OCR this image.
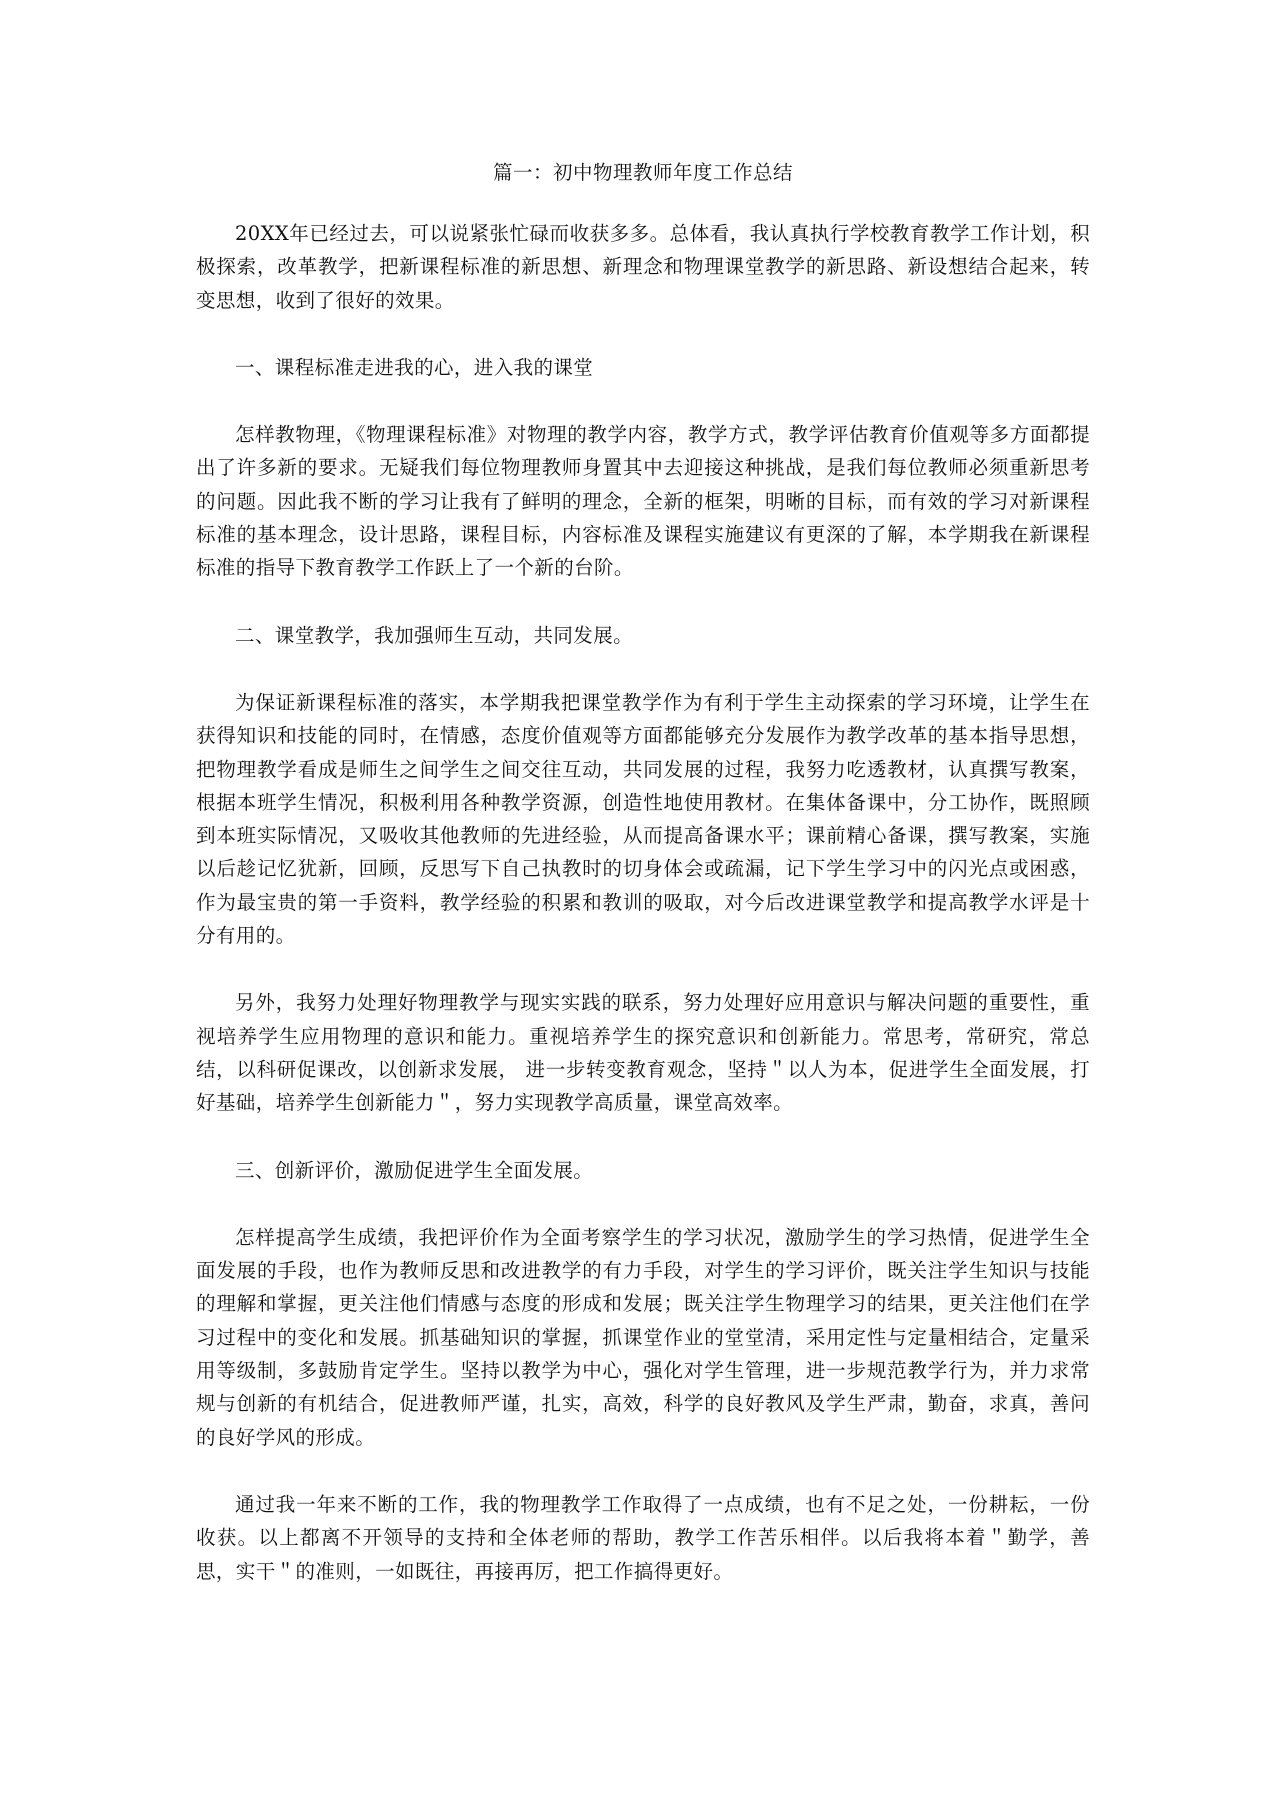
篇一：初中物理教师年度工作总结

20XX年已经过去，可以说紧张忙碌而收获多多。总体看，我认真执行学校教育教学工作计划，积极探索，改革教学，把新课程标准的新思想、新理念和物理课堂教学的新思路、新设想结合起来，转变思想，收到了很好的效果。

一、课程标准走进我的心，进入我的课堂

怎样教物理，《物理课程标准》对物理的教学内容，教学方式，教学评估教育价值观等多方面都提出了许多新的要求。无疑我们每位物理教师身置其中去迎接这种挑战，是我们每位教师必须重新思考的问题。因此我不断的学习让我有了鲜明的理念，全新的框架，明晰的目标，而有效的学习对新课程标准的基本理念，设计思路，课程目标，内容标准及课程实施建议有更深的了解，本学期我在新课程标准的指导下教育教学工作跃上了一个新的台阶。

二、课堂教学，我加强师生互动，共同发展。

为保证新课程标准的落实，本学期我把课堂教学作为有利于学生主动探索的学习环境，让学生在获得知识和技能的同时，在情感，态度价值观等方面都能够充分发展作为教学改革的基本指导思想，把物理教学看成是师生之间学生之间交往互动，共同发展的过程，我努力吃透教材，认真撰写教案，根据本班学生情况，积极利用各种教学资源，创造性地使用教材。在集体备课中，分工协作，既照顾到本班实际情况，又吸收其他教师的先进经验，从而提高备课水平；课前精心备课，撰写教案，实施以后趁记忆犹新，回顾，反思写下自己执教时的切身体会或疏漏，记下学生学习中的闪光点或困惑，作为最宝贵的第一手资料，教学经验的积累和教训的吸取，对今后改进课堂教学和提高教学水评是十分有用的。

另外，我努力处理好物理教学与现实实践的联系，努力处理好应用意识与解决问题的重要性，重视培养学生应用物理的意识和能力。重视培养学生的探究意识和创新能力。常思考，常研究，常总结，以科研促课改，以创新求发展， 进一步转变教育观念，坚持＂以人为本，促进学生全面发展，打好基础，培养学生创新能力＂，努力实现教学高质量，课堂高效率。

三、创新评价，激励促进学生全面发展。

怎样提高学生成绩，我把评价作为全面考察学生的学习状况，激励学生的学习热情，促进学生全面发展的手段，也作为教师反思和改进教学的有力手段，对学生的学习评价，既关注学生知识与技能的理解和掌握，更关注他们情感与态度的形成和发展；既关注学生物理学习的结果，更关注他们在学习过程中的变化和发展。抓基础知识的掌握，抓课堂作业的堂堂清，采用定性与定量相结合，定量采用等级制，多鼓励肯定学生。坚持以教学为中心，强化对学生管理，进一步规范教学行为，并力求常规与创新的有机结合，促进教师严谨，扎实，高效，科学的良好教风及学生严肃，勤奋，求真，善问的良好学风的形成。

通过我一年来不断的工作，我的物理教学工作取得了一点成绩，也有不足之处，一份耕耘，一份收获。以上都离不开领导的支持和全体老师的帮助，教学工作苦乐相伴。以后我将本着＂勤学，善思，实干＂的准则，一如既往，再接再厉，把工作搞得更好。
